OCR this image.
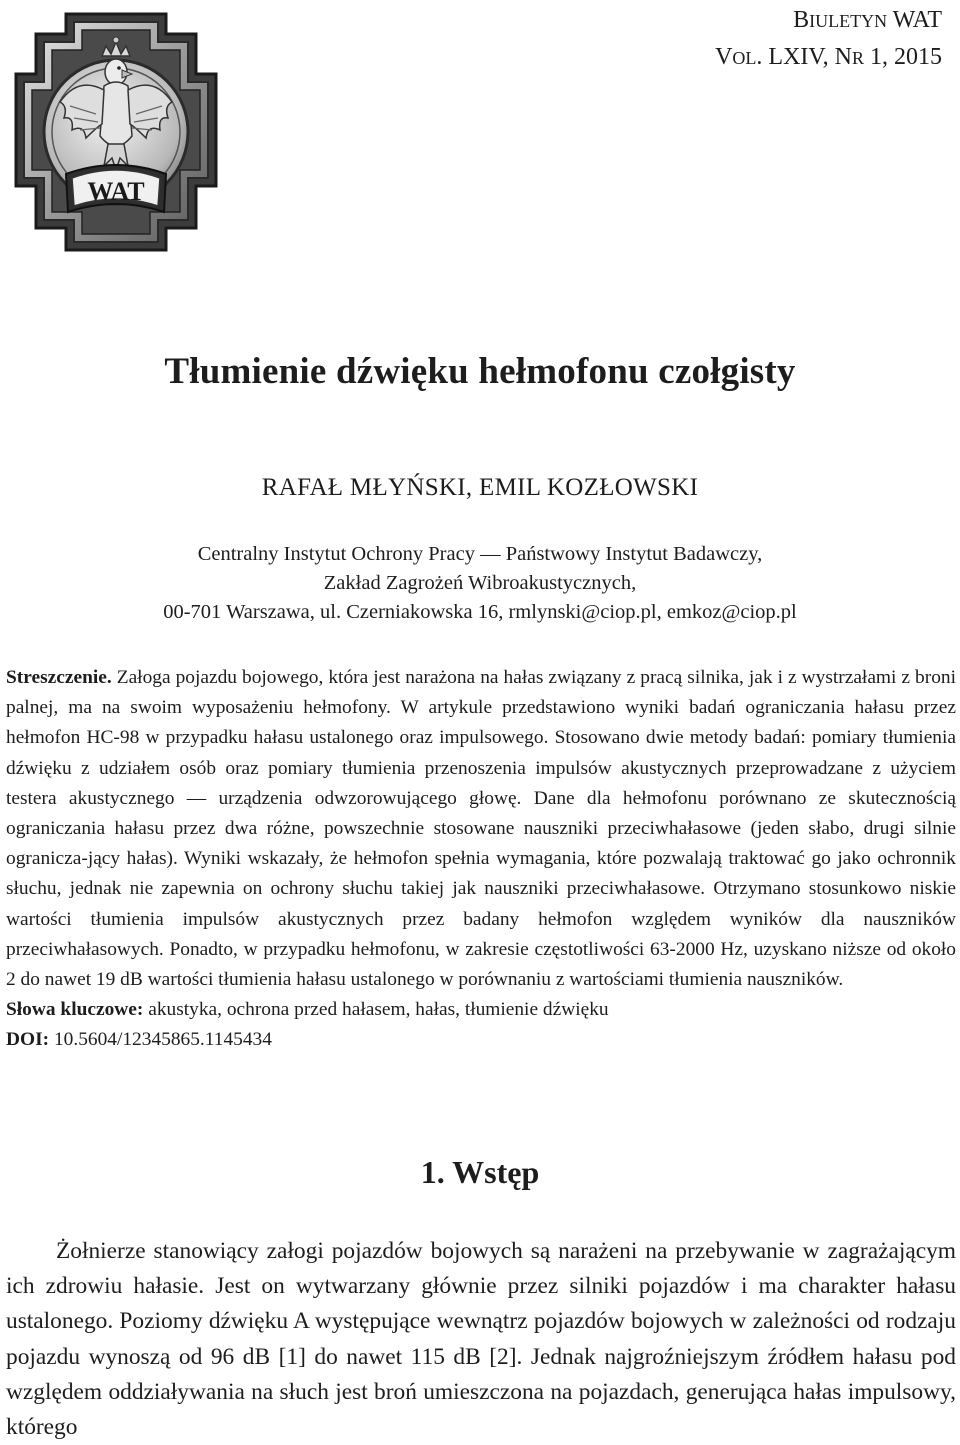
WAT
BIULETYN WAT
VOL. LXIV, NR 1, 2015
Tłumienie dźwięku hełmofonu czołgisty
RAFAŁ MŁYŃSKI, EMIL KOZŁOWSKI
Centralny Instytut Ochrony Pracy — Państwowy Instytut Badawczy,
Zakład Zagrożeń Wibroakustycznych,
00-701 Warszawa, ul. Czerniakowska 16, rmlynski@ciop.pl, emkoz@ciop.pl

Streszczenie. Załoga pojazdu bojowego, która jest narażona na hałas związany z pracą silnika, jak i z wystrzałami z broni palnej, ma na swoim wyposażeniu hełmofony. W artykule przedstawiono wyniki badań ograniczania hałasu przez hełmofon HC-98 w przypadku hałasu ustalonego oraz impulsowego. Stosowano dwie metody badań: pomiary tłumienia dźwięku z udziałem osób oraz pomiary tłumienia przenoszenia impulsów akustycznych przeprowadzane z użyciem testera akustycznego — urządzenia odwzorowującego głowę. Dane dla hełmofonu porównano ze skutecznością ograniczania hałasu przez dwa różne, powszechnie stosowane nauszniki przeciwhałasowe (jeden słabo, drugi silnie ogranicza-jący hałas). Wyniki wskazały, że hełmofon spełnia wymagania, które pozwalają traktować go jako ochronnik słuchu, jednak nie zapewnia on ochrony słuchu takiej jak nauszniki przeciwhałasowe. Otrzymano stosunkowo niskie wartości tłumienia impulsów akustycznych przez badany hełmofon względem wyników dla nauszników przeciwhałasowych. Ponadto, w przypadku hełmofonu, w zakresie częstotliwości 63-2000 Hz, uzyskano niższe od około 2 do nawet 19 dB wartości tłumienia hałasu ustalonego w porównaniu z wartościami tłumienia nauszników.

Słowa kluczowe: akustyka, ochrona przed hałasem, hałas, tłumienie dźwięku

DOI: 10.5604/12345865.1145434

1. Wstęp

Żołnierze stanowiący załogi pojazdów bojowych są narażeni na przebywanie w zagrażającym ich zdrowiu hałasie. Jest on wytwarzany głównie przez silniki pojazdów i ma charakter hałasu ustalonego. Poziomy dźwięku A występujące wewnątrz pojazdów bojowych w zależności od rodzaju pojazdu wynoszą od 96 dB [1] do nawet 115 dB [2]. Jednak najgroźniejszym źródłem hałasu pod względem oddziaływania na słuch jest broń umieszczona na pojazdach, generująca hałas impulsowy, którego
